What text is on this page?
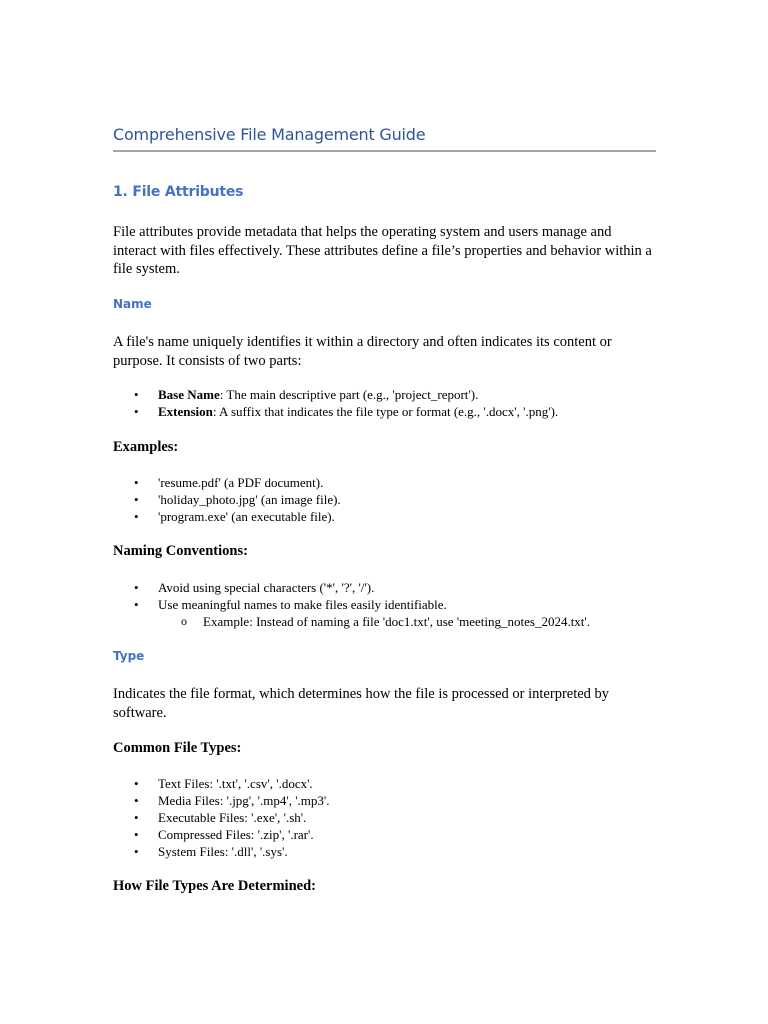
Comprehensive File Management Guide
1. File Attributes

File attributes provide metadata that helps the operating system and users manage and interact with files effectively. These attributes define a file’s properties and behavior within a file system.

Name

A file's name uniquely identifies it within a directory and often indicates its content or purpose. It consists of two parts:

• Base Name: The main descriptive part (e.g., 'project_report').
• Extension: A suffix that indicates the file type or format (e.g., '.docx', '.png').

Examples:

• 'resume.pdf' (a PDF document).
• 'holiday_photo.jpg' (an image file).
• 'program.exe' (an executable file).

Naming Conventions:

• Avoid using special characters ('*', '?', '/').
• Use meaningful names to make files easily identifiable.
o Example: Instead of naming a file 'doc1.txt', use 'meeting_notes_2024.txt'.
Type

Indicates the file format, which determines how the file is processed or interpreted by software.

Common File Types:

• Text Files: '.txt', '.csv', '.docx'.
• Media Files: '.jpg', '.mp4', '.mp3'.
• Executable Files: '.exe', '.sh'.
• Compressed Files: '.zip', '.rar'.
• System Files: '.dll', '.sys'.

How File Types Are Determined:
